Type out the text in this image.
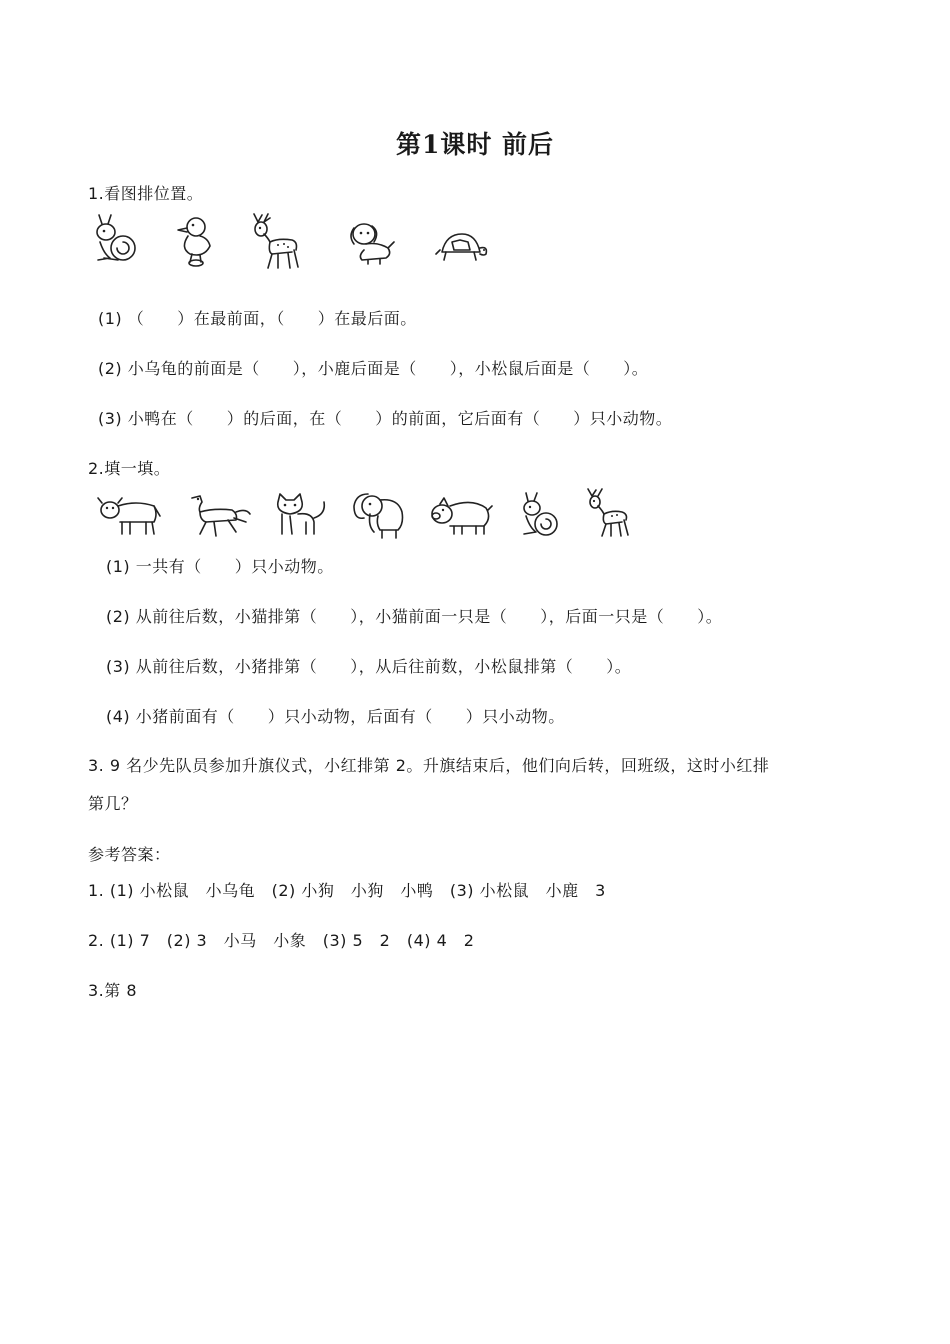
第1课时 前后
1.看图排位置。
(1) （　　）在最前面，（　　）在最后面。
(2) 小乌龟的前面是（　　），小鹿后面是（　　），小松鼠后面是（　　）。
(3) 小鸭在（　　）的后面，在（　　）的前面，它后面有（　　）只小动物。
2.填一填。
(1) 一共有（　　）只小动物。
(2) 从前往后数，小猫排第（　　），小猫前面一只是（　　），后面一只是（　　）。
(3) 从前往后数，小猪排第（　　），从后往前数，小松鼠排第（　　）。
(4) 小猪前面有（　　）只小动物，后面有（　　）只小动物。
3. 9 名少先队员参加升旗仪式，小红排第 2。升旗结束后，他们向后转，回班级，这时小红排
第几？
参考答案：
1. (1) 小松鼠　小乌龟　(2) 小狗　小狗　小鸭　(3) 小松鼠　小鹿　3
2. (1) 7　(2) 3　小马　小象　(3) 5　2　(4) 4　2
3.第 8
